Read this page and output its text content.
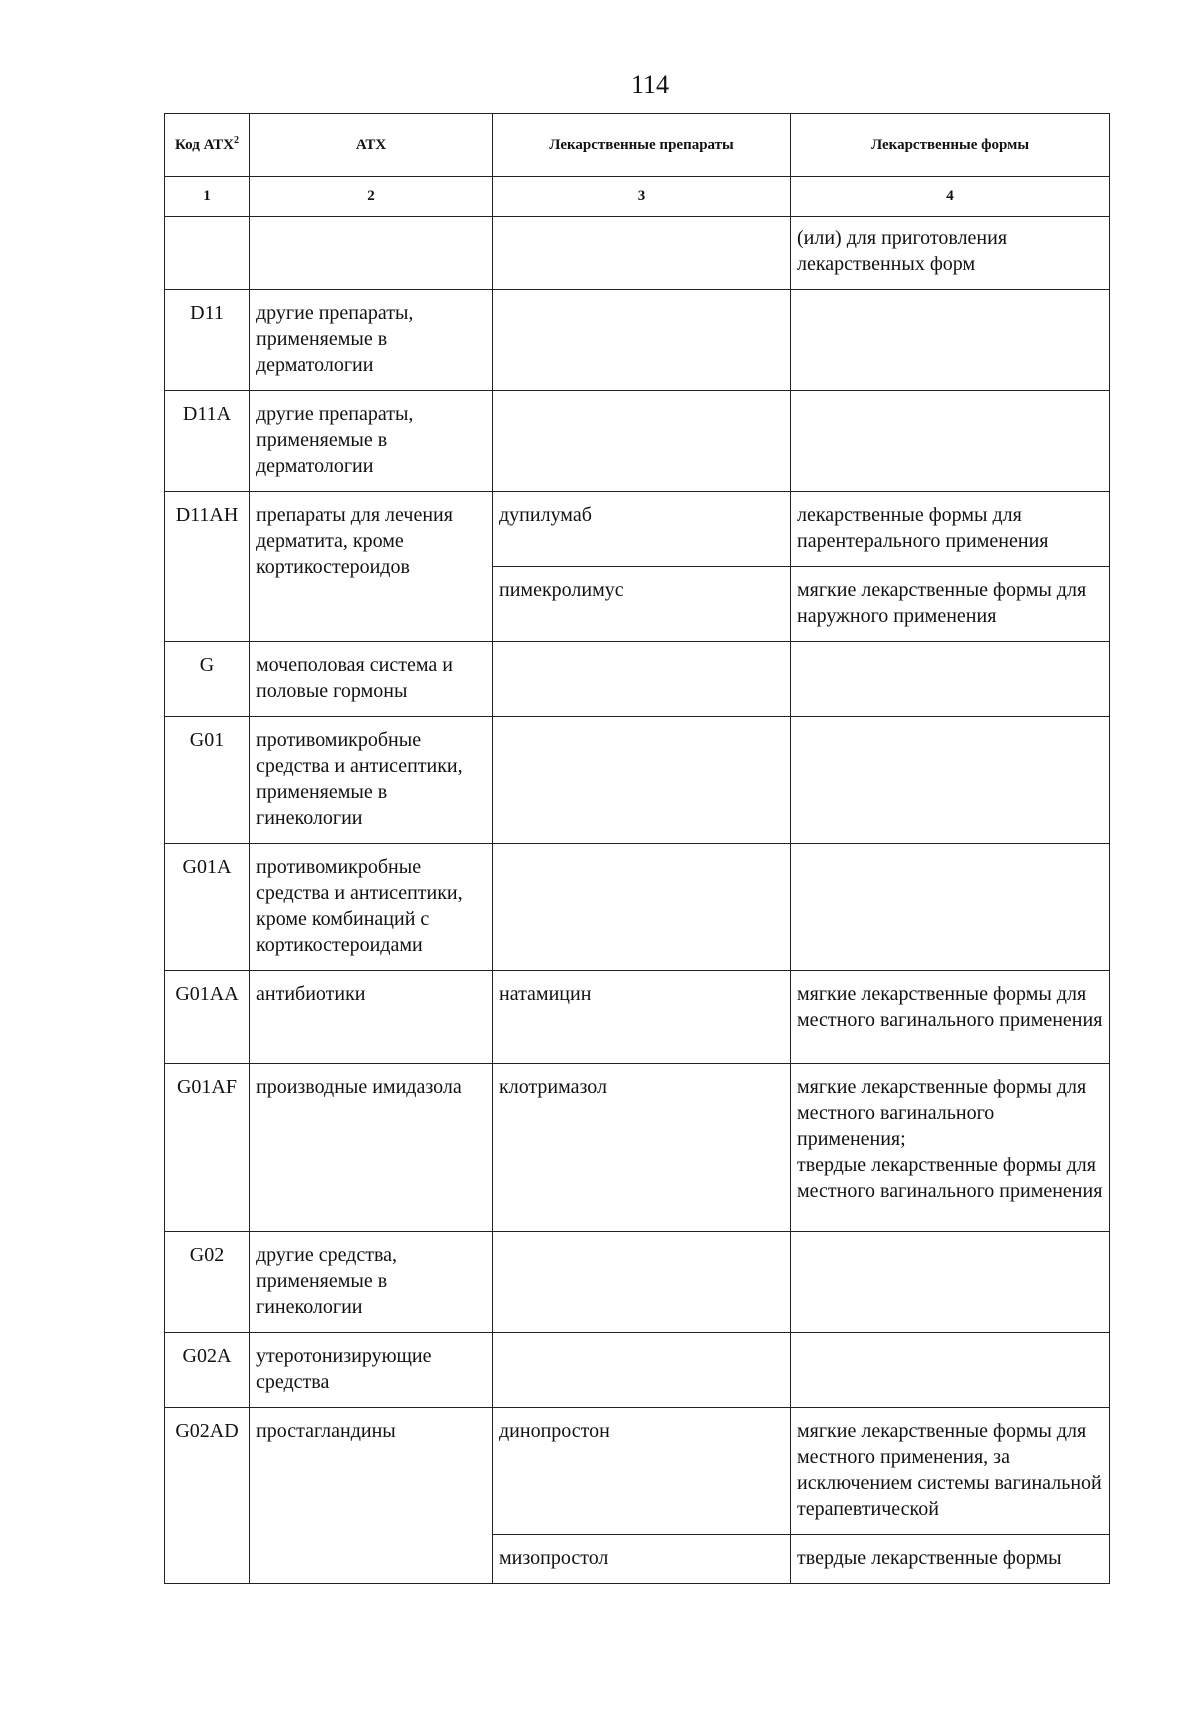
114
Код АТХ$^2$	АТХ	Лекарственные препараты	Лекарственные формы
1	2	3	4
			(или) для приготовления лекарственных форм
D11	другие препараты, применяемые в дерматологии		
D11A	другие препараты, применяемые в дерматологии		
D11AH	препараты для лечения дерматита, кроме кортикостероидов	дупилумаб	лекарственные формы для парентерального применения
		пимекролимус	мягкие лекарственные формы для наружного применения
G	мочеполовая система и половые гормоны		
G01	противомикробные средства и антисептики, применяемые в гинекологии		
G01A	противомикробные средства и антисептики, кроме комбинаций с кортикостероидами		
G01AA	антибиотики	натамицин	мягкие лекарственные формы для местного вагинального применения
G01AF	производные имидазола	клотримазол	мягкие лекарственные формы для местного вагинального применения;
твердые лекарственные формы для местного вагинального применения

G02	другие средства, применяемые в гинекологии		
G02A	утеротонизирующие средства		
G02AD	простагландины	динопростон	мягкие лекарственные формы для местного применения, за исключением системы вагинальной терапевтической
		мизопростол	твердые лекарственные формы
